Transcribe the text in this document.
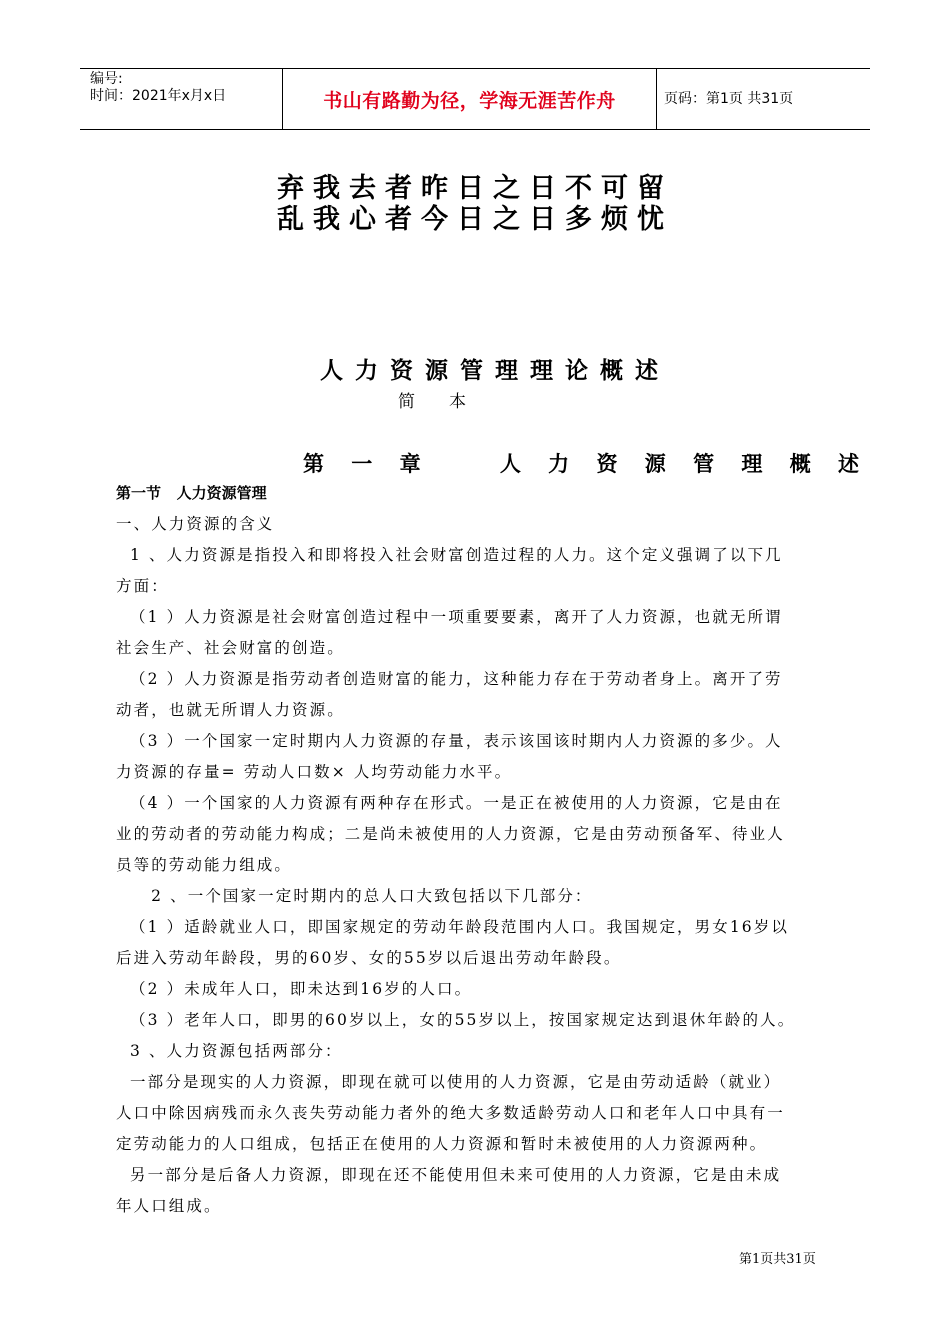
编号:
时间：2021年x月x日	书山有路勤为径，学海无涯苦作舟	页码：第1页 共31页
弃我去者昨日之日不可留
乱我心者今日之日多烦忧
人力资源管理理论概述
简本
第 一 章    人 力 资 源 管 理 概 述
第一节   人力资源管理
一、人力资源的含义
1 、人力资源是指投入和即将投入社会财富创造过程的人力。这个定义强调了以下几
方面：
（1 ）人力资源是社会财富创造过程中一项重要要素，离开了人力资源，也就无所谓
社会生产、社会财富的创造。
（2 ）人力资源是指劳动者创造财富的能力，这种能力存在于劳动者身上。离开了劳
动者，也就无所谓人力资源。
（3 ）一个国家一定时期内人力资源的存量，表示该国该时期内人力资源的多少。人
力资源的存量= 劳动人口数× 人均劳动能力水平。
（4 ）一个国家的人力资源有两种存在形式。一是正在被使用的人力资源，它是由在
业的劳动者的劳动能力构成；二是尚未被使用的人力资源，它是由劳动预备军、待业人
员等的劳动能力组成。
2 、一个国家一定时期内的总人口大致包括以下几部分：
（1 ）适龄就业人口，即国家规定的劳动年龄段范围内人口。我国规定，男女16岁以
后进入劳动年龄段，男的60岁、女的55岁以后退出劳动年龄段。
（2 ）未成年人口，即未达到16岁的人口。
（3 ）老年人口，即男的60岁以上，女的55岁以上，按国家规定达到退休年龄的人。
3 、人力资源包括两部分：
一部分是现实的人力资源，即现在就可以使用的人力资源，它是由劳动适龄（就业）
人口中除因病残而永久丧失劳动能力者外的绝大多数适龄劳动人口和老年人口中具有一
定劳动能力的人口组成，包括正在使用的人力资源和暂时未被使用的人力资源两种。
另一部分是后备人力资源，即现在还不能使用但未来可使用的人力资源，它是由未成
年人口组成。
第1页共31页
